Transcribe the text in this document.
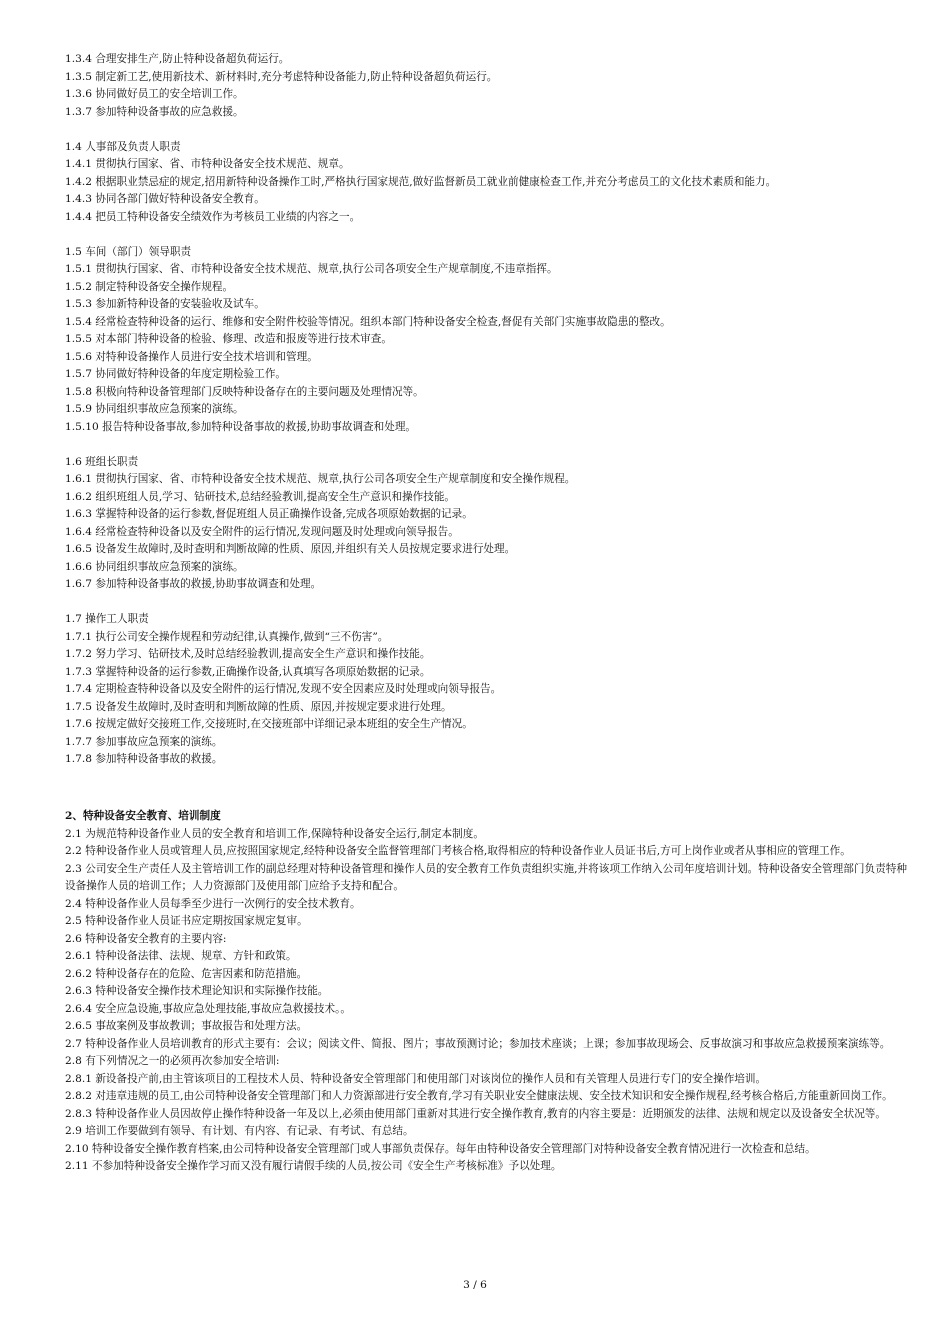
1.3.4 合理安排生产,防止特种设备超负荷运行。

1.3.5 制定新工艺,使用新技术、新材料时,充分考虑特种设备能力,防止特种设备超负荷运行。

1.3.6 协同做好员工的安全培训工作。

1.3.7 参加特种设备事故的应急救援。

1.4 人事部及负责人职责

1.4.1 贯彻执行国家、省、市特种设备安全技术规范、规章。

1.4.2 根据职业禁忌症的规定,招用新特种设备操作工时,严格执行国家规范,做好监督新员工就业前健康检查工作,并充分考虑员工的文化技术素质和能力。

1.4.3 协同各部门做好特种设备安全教育。

1.4.4 把员工特种设备安全绩效作为考核员工业绩的内容之一。

1.5 车间（部门）领导职责

1.5.1 贯彻执行国家、省、市特种设备安全技术规范、规章,执行公司各项安全生产规章制度,不违章指挥。

1.5.2 制定特种设备安全操作规程。

1.5.3 参加新特种设备的安装验收及试车。

1.5.4 经常检查特种设备的运行、维修和安全附件校验等情况。组织本部门特种设备安全检查,督促有关部门实施事故隐患的整改。

1.5.5 对本部门特种设备的检验、修理、改造和报废等进行技术审查。

1.5.6 对特种设备操作人员进行安全技术培训和管理。

1.5.7 协同做好特种设备的年度定期检验工作。

1.5.8 积极向特种设备管理部门反映特种设备存在的主要问题及处理情况等。

1.5.9 协同组织事故应急预案的演练。

1.5.10 报告特种设备事故,参加特种设备事故的救援,协助事故调查和处理。

1.6 班组长职责

1.6.1 贯彻执行国家、省、市特种设备安全技术规范、规章,执行公司各项安全生产规章制度和安全操作规程。

1.6.2 组织班组人员,学习、钻研技术,总结经验教训,提高安全生产意识和操作技能。

1.6.3 掌握特种设备的运行参数,督促班组人员正确操作设备,完成各项原始数据的记录。

1.6.4 经常检查特种设备以及安全附件的运行情况,发现问题及时处理或向领导报告。

1.6.5 设备发生故障时,及时查明和判断故障的性质、原因,并组织有关人员按规定要求进行处理。

1.6.6 协同组织事故应急预案的演练。

1.6.7 参加特种设备事故的救援,协助事故调查和处理。

1.7 操作工人职责

1.7.1 执行公司安全操作规程和劳动纪律,认真操作,做到“三不伤害”。

1.7.2 努力学习、钻研技术,及时总结经验教训,提高安全生产意识和操作技能。

1.7.3 掌握特种设备的运行参数,正确操作设备,认真填写各项原始数据的记录。

1.7.4 定期检查特种设备以及安全附件的运行情况,发现不安全因素应及时处理或向领导报告。

1.7.5 设备发生故障时,及时查明和判断故障的性质、原因,并按规定要求进行处理。

1.7.6 按规定做好交接班工作,交接班时,在交接班部中详细记录本班组的安全生产情况。

1.7.7 参加事故应急预案的演练。

1.7.8 参加特种设备事故的救援。

2、特种设备安全教育、培训制度

2.1 为规范特种设备作业人员的安全教育和培训工作,保障特种设备安全运行,制定本制度。

2.2 特种设备作业人员或管理人员,应按照国家规定,经特种设备安全监督管理部门考核合格,取得相应的特种设备作业人员证书后,方可上岗作业或者从事相应的管理工作。

2.3 公司安全生产责任人及主管培训工作的副总经理对特种设备管理和操作人员的安全教育工作负责组织实施,并将该项工作纳入公司年度培训计划。特种设备安全管理部门负责特种设备操作人员的培训工作；人力资源部门及使用部门应给予支持和配合。

2.4 特种设备作业人员每季至少进行一次例行的安全技术教育。

2.5 特种设备作业人员证书应定期按国家规定复审。

2.6 特种设备安全教育的主要内容:

2.6.1 特种设备法律、法规、规章、方针和政策。

2.6.2 特种设备存在的危险、危害因素和防范措施。

2.6.3 特种设备安全操作技术理论知识和实际操作技能。

2.6.4 安全应急设施,事故应急处理技能,事故应急救援技术。。

2.6.5 事故案例及事故教训；事故报告和处理方法。

2.7 特种设备作业人员培训教育的形式主要有：会议；阅读文件、简报、图片；事故预测讨论；参加技术座谈；上课；参加事故现场会、反事故演习和事故应急救援预案演练等。

2.8 有下列情况之一的必须再次参加安全培训:

2.8.1 新设备投产前,由主管该项目的工程技术人员、特种设备安全管理部门和使用部门对该岗位的操作人员和有关管理人员进行专门的安全操作培训。

2.8.2 对违章违规的员工,由公司特种设备安全管理部门和人力资源部进行安全教育,学习有关职业安全健康法规、安全技术知识和安全操作规程,经考核合格后,方能重新回岗工作。

2.8.3 特种设备作业人员因故停止操作特种设备一年及以上,必须由使用部门重新对其进行安全操作教育,教育的内容主要是：近期颁发的法律、法规和规定以及设备安全状况等。

2.9 培训工作要做到有领导、有计划、有内容、有记录、有考试、有总结。

2.10 特种设备安全操作教育档案,由公司特种设备安全管理部门或人事部负责保存。每年由特种设备安全管理部门对特种设备安全教育情况进行一次检查和总结。

2.11 不参加特种设备安全操作学习而又没有履行请假手续的人员,按公司《安全生产考核标准》予以处理。

3 / 6
